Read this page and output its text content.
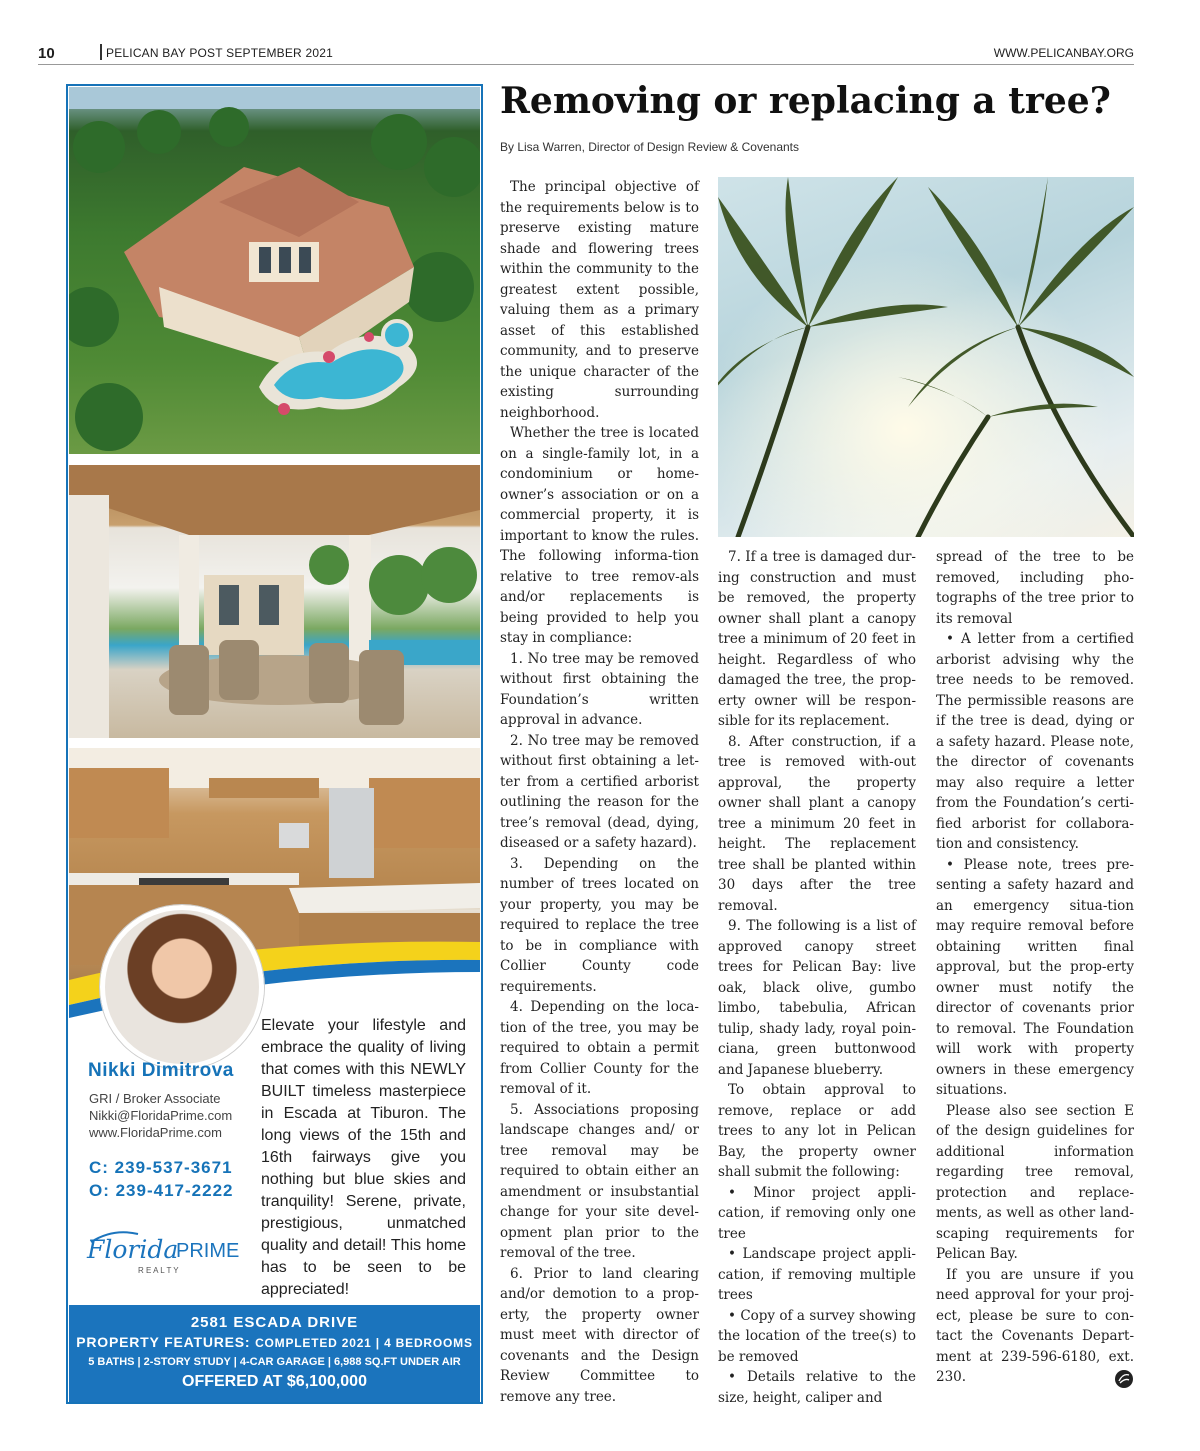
10	PELICAN BAY POST SEPTEMBER 2021	WWW.PELICANBAY.ORG
Nikki Dimitrova
GRI / Broker Associate
Nikki@FloridaPrime.com
www.FloridaPrime.com
C: 239-537-3671
O: 239-417-2222
Florida
PRIME
R E A L T Y
Elevate your lifestyle and embrace the quality of living that comes with this NEWLY BUILT timeless masterpiece in Escada at Tiburon. The long views of the 15th and 16th fairways give you nothing but blue skies and tranquility! Serene, private, prestigious, unmatched quality and detail! This home has to be seen to be appreciated!
2581 ESCADA DRIVE
PROPERTY FEATURES: COMPLETED 2021 | 4 BEDROOMS
5 BATHS | 2-STORY STUDY | 4-CAR GARAGE | 6,988 SQ.FT UNDER AIR
OFFERED AT $6,100,000
Removing or replacing a tree?
By Lisa Warren, Director of Design Review & Covenants

The principal objective of the requirements below is to preserve existing mature shade and flowering trees within the community to the greatest extent possible, valuing them as a primary asset of this established community, and to preserve the unique character of the existing surrounding neighborhood.

Whether the tree is located on a single-family lot, in a condominium or home-owner’s association or on a commercial property, it is important to know the rules. The following informa-tion relative to tree remov-als and/or replacements is being provided to help you stay in compliance:

1. No tree may be removed without first obtaining the Foundation’s written approval in advance.

2. No tree may be removed without first obtaining a let-ter from a certified arborist outlining the reason for the tree’s removal (dead, dying, diseased or a safety hazard).

3. Depending on the number of trees located on your property, you may be required to replace the tree to be in compliance with Collier County code requirements.

4. Depending on the loca-tion of the tree, you may be required to obtain a permit from Collier County for the removal of it.

5. Associations proposing landscape changes and/ or tree removal may be required to obtain either an amendment or insubstantial change for your site devel-opment plan prior to the removal of the tree.

6. Prior to land clearing and/or demotion to a prop-erty, the property owner must meet with director of covenants and the Design Review Committee to remove any tree.

7. If a tree is damaged dur-ing construction and must be removed, the property owner shall plant a canopy tree a minimum of 20 feet in height. Regardless of who damaged the tree, the prop-erty owner will be respon-sible for its replacement.

8. After construction, if a tree is removed with-out approval, the property owner shall plant a canopy tree a minimum 20 feet in height. The replacement tree shall be planted within 30 days after the tree removal.

9. The following is a list of approved canopy street trees for Pelican Bay: live oak, black olive, gumbo limbo, tabebulia, African tulip, shady lady, royal poin-ciana, green buttonwood and Japanese blueberry.

To obtain approval to remove, replace or add trees to any lot in Pelican Bay, the property owner shall submit the following:

• Minor project appli-cation, if removing only one tree

• Landscape project appli-cation, if removing multiple trees

• Copy of a survey showing the location of the tree(s) to be removed

• Details relative to the size, height, caliper and

spread of the tree to be removed, including pho-tographs of the tree prior to its removal

• A letter from a certified arborist advising why the tree needs to be removed. The permissible reasons are if the tree is dead, dying or a safety hazard. Please note, the director of covenants may also require a letter from the Foundation’s certi-fied arborist for collabora-tion and consistency.

• Please note, trees pre-senting a safety hazard and an emergency situa-tion may require removal before obtaining written final approval, but the prop-erty owner must notify the director of covenants prior to removal. The Foundation will work with property owners in these emergency situations.

Please also see section E of the design guidelines for additional information regarding tree removal, protection and replace-ments, as well as other land-scaping requirements for Pelican Bay.

If you are unsure if you need approval for your proj-ect, please be sure to con-tact the Covenants Depart-ment at 239-596-6180, ext. 230.
